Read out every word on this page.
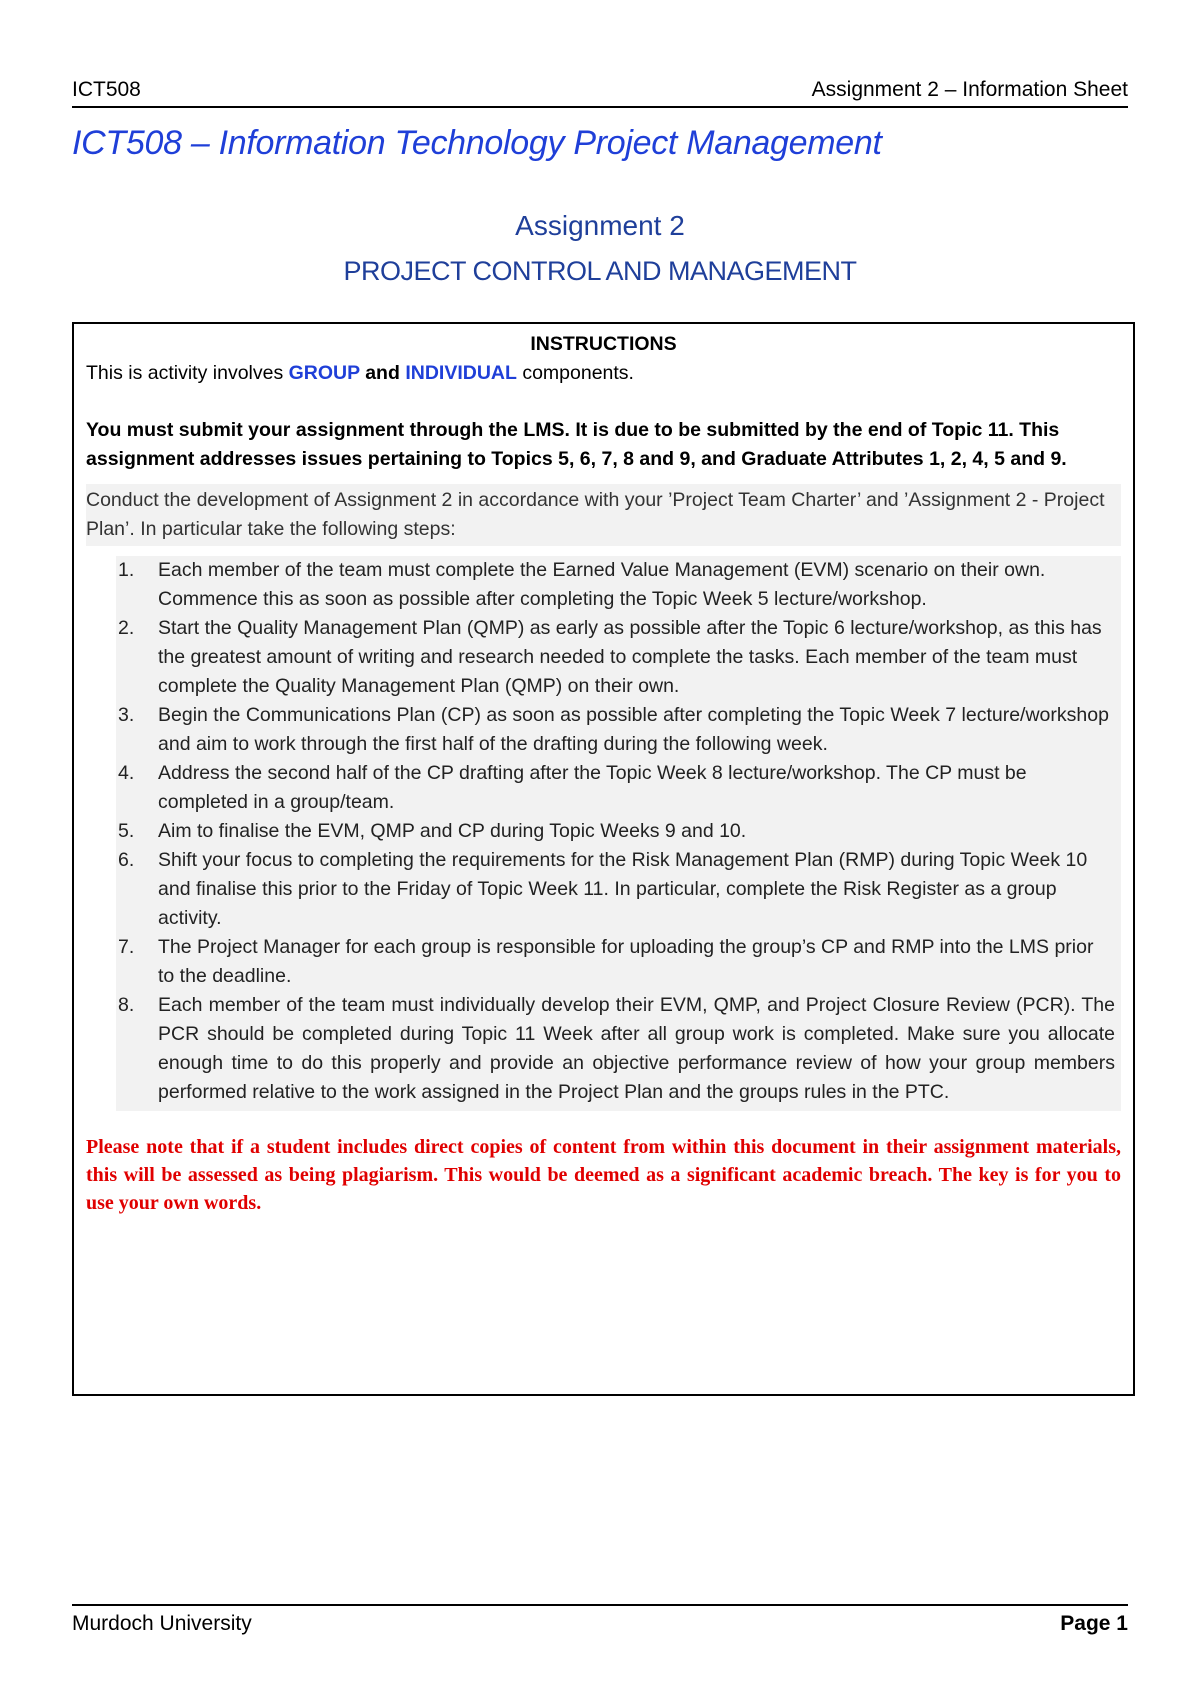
ICT508	Assignment 2 – Information Sheet
ICT508 – Information Technology Project Management
Assignment 2
PROJECT CONTROL AND MANAGEMENT
INSTRUCTIONS

This is activity involves GROUP and INDIVIDUAL components.

You must submit your assignment through the LMS. It is due to be submitted by the end of Topic 11. This assignment addresses issues pertaining to Topics 5, 6, 7, 8 and 9, and Graduate Attributes 1, 2, 4, 5 and 9.

Conduct the development of Assignment 2 in accordance with your ’Project Team Charter’ and ’Assignment 2 - Project Plan’. In particular take the following steps:

1.	Each member of the team must complete the Earned Value Management (EVM) scenario on their own. Commence this as soon as possible after completing the Topic Week 5 lecture/workshop.
2.	Start the Quality Management Plan (QMP) as early as possible after the Topic 6 lecture/workshop, as this has the greatest amount of writing and research needed to complete the tasks. Each member of the team must complete the Quality Management Plan (QMP) on their own.
3.	Begin the Communications Plan (CP) as soon as possible after completing the Topic Week 7 lecture/workshop and aim to work through the first half of the drafting during the following week.
4.	Address the second half of the CP drafting after the Topic Week 8 lecture/workshop. The CP must be completed in a group/team.
5.	Aim to finalise the EVM, QMP and CP during Topic Weeks 9 and 10.
6.	Shift your focus to completing the requirements for the Risk Management Plan (RMP) during Topic Week 10 and finalise this prior to the Friday of Topic Week 11. In particular, complete the Risk Register as a group activity.
7.	The Project Manager for each group is responsible for uploading the group’s CP and RMP into the LMS prior to the deadline.
8.	Each member of the team must individually develop their EVM, QMP, and Project Closure Review (PCR). The PCR should be completed during Topic 11 Week after all group work is completed. Make sure you allocate enough time to do this properly and provide an objective performance review of how your group members performed relative to the work assigned in the Project Plan and the groups rules in the PTC.

Please note that if a student includes direct copies of content from within this document in their assignment materials, this will be assessed as being plagiarism. This would be deemed as a significant academic breach. The key is for you to use your own words.

Murdoch University	Page 1
